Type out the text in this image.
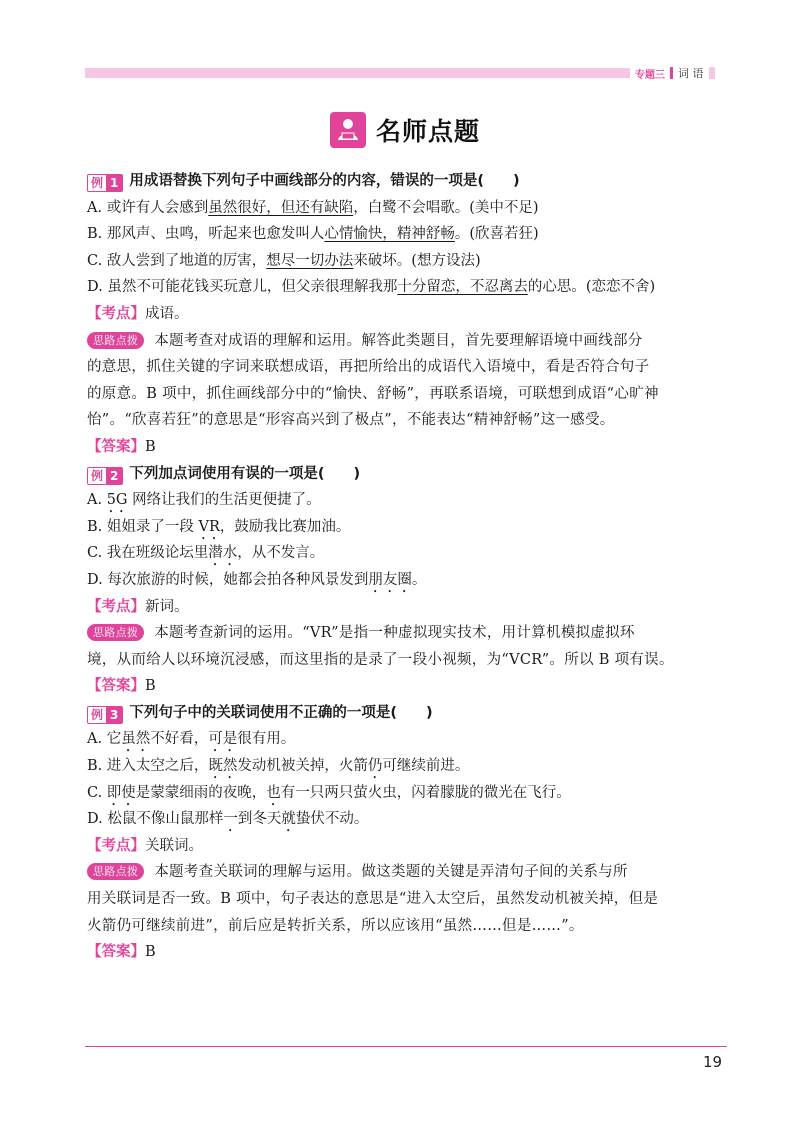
专题三 词 语
名师点题
例 1 用成语替换下列句子中画线部分的内容，错误的一项是(　　)
A. 或许有人会感到虽然很好，但还有缺陷，白鹭不会唱歌。(美中不足)
B. 那风声、虫鸣，听起来也愈发叫人心情愉快，精神舒畅。(欣喜若狂)
C. 敌人尝到了地道的厉害，想尽一切办法来破坏。(想方设法)
D. 虽然不可能花钱买玩意儿，但父亲很理解我那十分留恋，不忍离去的心思。(恋恋不舍)
【考点】成语。
思路点拨 本题考查对成语的理解和运用。解答此类题目，首先要理解语境中画线部分
的意思，抓住关键的字词来联想成语，再把所给出的成语代入语境中，看是否符合句子
的原意。B 项中，抓住画线部分中的“愉快、舒畅”，再联系语境，可联想到成语“心旷神
怡”。“欣喜若狂”的意思是“形容高兴到了极点”，不能表达“精神舒畅”这一感受。
【答案】B
例 2 下列加点词使用有误的一项是(　　)
A. 5G 网络让我们的生活更便捷了。
B. 姐姐录了一段 VR，鼓励我比赛加油。
C. 我在班级论坛里潜水，从不发言。
D. 每次旅游的时候，她都会拍各种风景发到朋友圈。
【考点】新词。
思路点拨 本题考查新词的运用。“VR”是指一种虚拟现实技术，用计算机模拟虚拟环
境，从而给人以环境沉浸感，而这里指的是录了一段小视频，为“VCR”。所以 B 项有误。
【答案】B
例 3 下列句子中的关联词使用不正确的一项是(　　)
A. 它虽然不好看，可是很有用。
B. 进入太空之后，既然发动机被关掉，火箭仍可继续前进。
C. 即使是蒙蒙细雨的夜晚，也有一只两只萤火虫，闪着朦胧的微光在飞行。
D. 松鼠不像山鼠那样一到冬天就蛰伏不动。
【考点】关联词。
思路点拨 本题考查关联词的理解与运用。做这类题的关键是弄清句子间的关系与所
用关联词是否一致。B 项中，句子表达的意思是“进入太空后，虽然发动机被关掉，但是
火箭仍可继续前进”，前后应是转折关系，所以应该用“虽然……但是……”。
【答案】B
19
